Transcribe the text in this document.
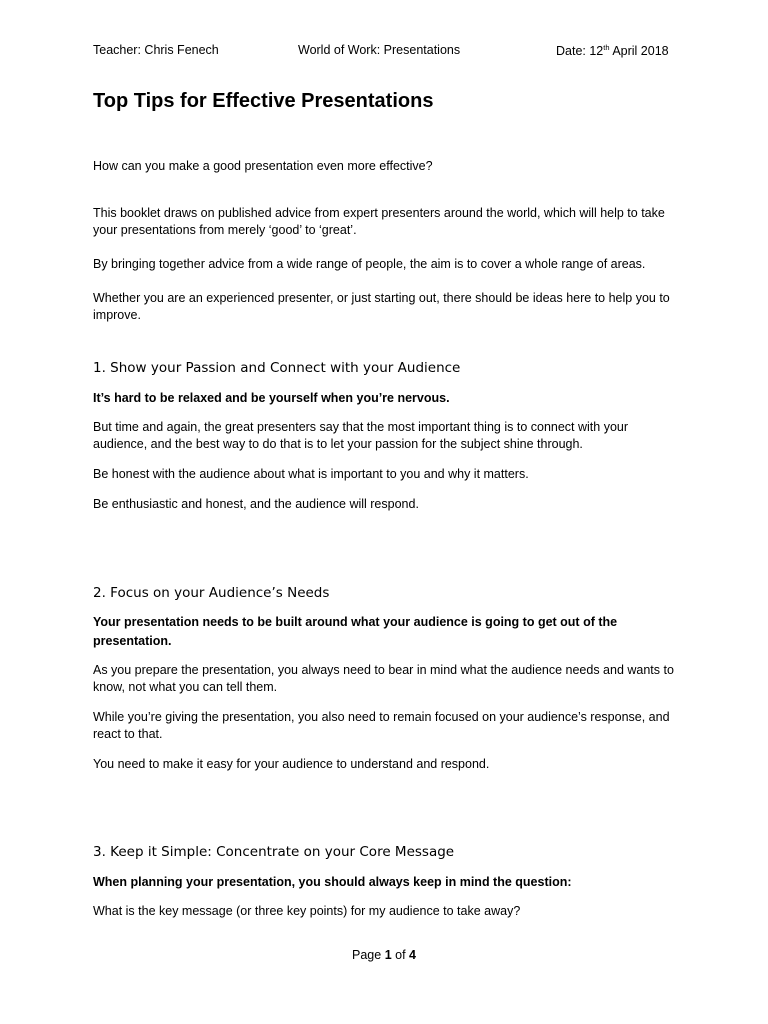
Teacher: Chris Fenech	World of Work: Presentations	Date: 12th April 2018
Top Tips for Effective Presentations

How can you make a good presentation even more effective?

This booklet draws on published advice from expert presenters around the world, which will help to take your presentations from merely ‘good’ to ‘great’.

By bringing together advice from a wide range of people, the aim is to cover a whole range of areas.

Whether you are an experienced presenter, or just starting out, there should be ideas here to help you to improve.

1. Show your Passion and Connect with your Audience

It’s hard to be relaxed and be yourself when you’re nervous.

But time and again, the great presenters say that the most important thing is to connect with your audience, and the best way to do that is to let your passion for the subject shine through.

Be honest with the audience about what is important to you and why it matters.

Be enthusiastic and honest, and the audience will respond.

2. Focus on your Audience’s Needs

Your presentation needs to be built around what your audience is going to get out of the presentation.

As you prepare the presentation, you always need to bear in mind what the audience needs and wants to know, not what you can tell them.

While you’re giving the presentation, you also need to remain focused on your audience’s response, and react to that.

You need to make it easy for your audience to understand and respond.

3. Keep it Simple: Concentrate on your Core Message

When planning your presentation, you should always keep in mind the question:

What is the key message (or three key points) for my audience to take away?

Page 1 of 4
